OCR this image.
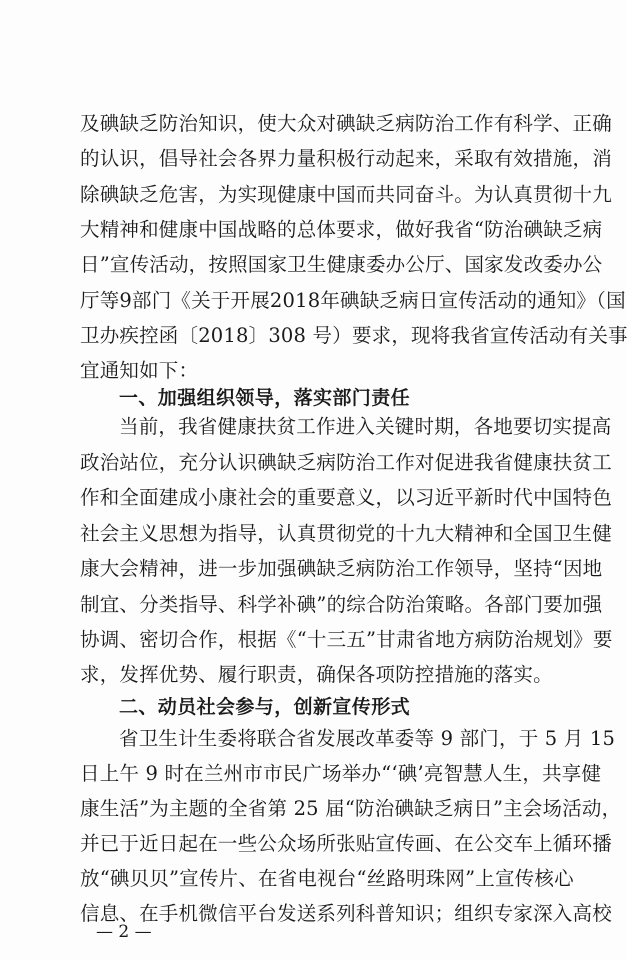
及碘缺乏防治知识，使大众对碘缺乏病防治工作有科学、正确
的认识，倡导社会各界力量积极行动起来，采取有效措施，消
除碘缺乏危害，为实现健康中国而共同奋斗。为认真贯彻十九
大精神和健康中国战略的总体要求，做好我省“防治碘缺乏病
日”宣传活动，按照国家卫生健康委办公厅、国家发改委办公
厅等9部门《关于开展2018年碘缺乏病日宣传活动的通知》（国
卫办疾控函〔2018〕308 号）要求，现将我省宣传活动有关事
宜通知如下：
一、加强组织领导，落实部门责任
当前，我省健康扶贫工作进入关键时期，各地要切实提高
政治站位，充分认识碘缺乏病防治工作对促进我省健康扶贫工
作和全面建成小康社会的重要意义，以习近平新时代中国特色
社会主义思想为指导，认真贯彻党的十九大精神和全国卫生健
康大会精神，进一步加强碘缺乏病防治工作领导，坚持“因地
制宜、分类指导、科学补碘”的综合防治策略。各部门要加强
协调、密切合作，根据《“十三五”甘肃省地方病防治规划》要
求，发挥优势、履行职责，确保各项防控措施的落实。
二、动员社会参与，创新宣传形式
省卫生计生委将联合省发展改革委等 9 部门，于 5 月 15
日上午 9 时在兰州市市民广场举办“‘碘’亮智慧人生，共享健
康生活”为主题的全省第 25 届“防治碘缺乏病日”主会场活动，
并已于近日起在一些公众场所张贴宣传画、在公交车上循环播
放“碘贝贝”宣传片、在省电视台“丝路明珠网”上宣传核心
信息、在手机微信平台发送系列科普知识；组织专家深入高校
— 2 —
